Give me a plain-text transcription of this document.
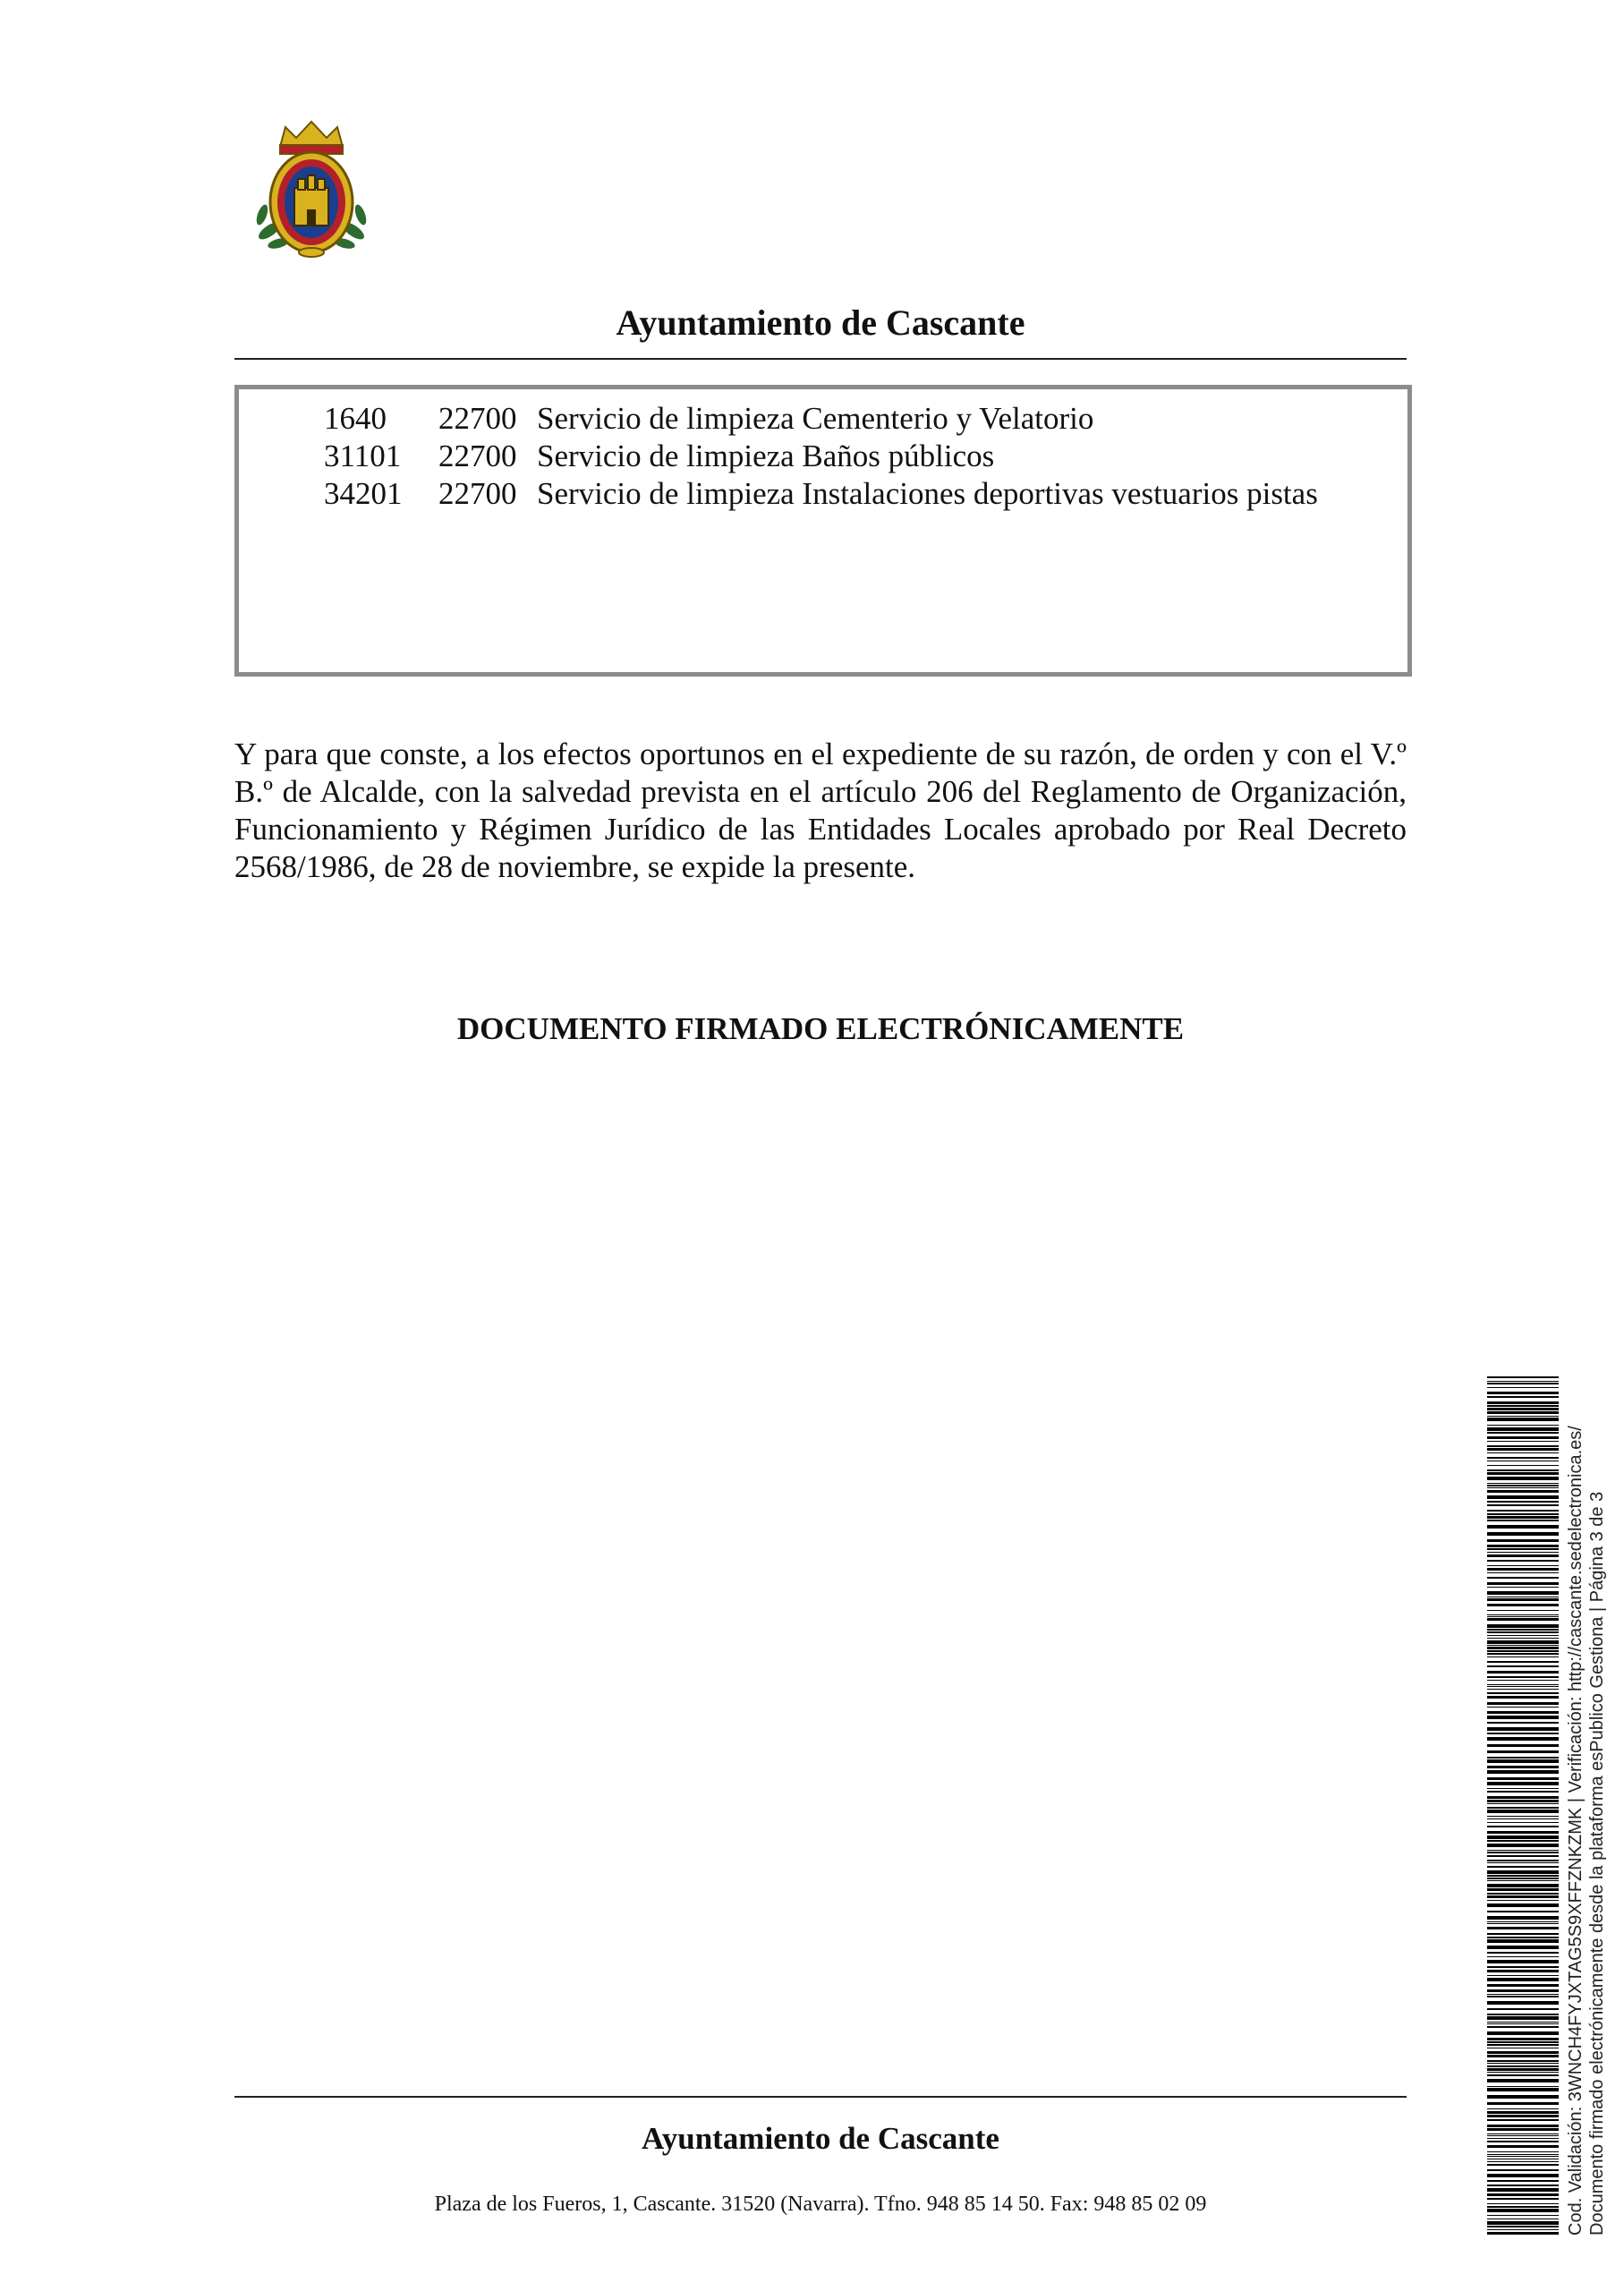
Ayuntamiento de Cascante
1640 22700 Servicio de limpieza Cementerio y Velatorio
31101 22700 Servicio de limpieza Baños públicos
34201 22700 Servicio de limpieza Instalaciones deportivas vestuarios pistas
Y para que conste, a los efectos oportunos en el expediente de su razón, de orden y con el V.º B.º de Alcalde, con la salvedad prevista en el artículo 206 del Reglamento de Organización, Funcionamiento y Régimen Jurídico de las Entidades Locales aprobado por Real Decreto 2568/1986, de 28 de noviembre, se expide la presente.
DOCUMENTO FIRMADO ELECTRÓNICAMENTE
Ayuntamiento de Cascante
Plaza de los Fueros, 1, Cascante. 31520 (Navarra). Tfno. 948 85 14 50. Fax: 948 85 02 09	Cod. Validación: 3WNCH4FYJXTAG5S9XFFZNKZMK | Verificación: http://cascante.sedelectronica.es/ Documento firmado electrónicamente desde la plataforma esPublico Gestiona | Página 3 de 3
